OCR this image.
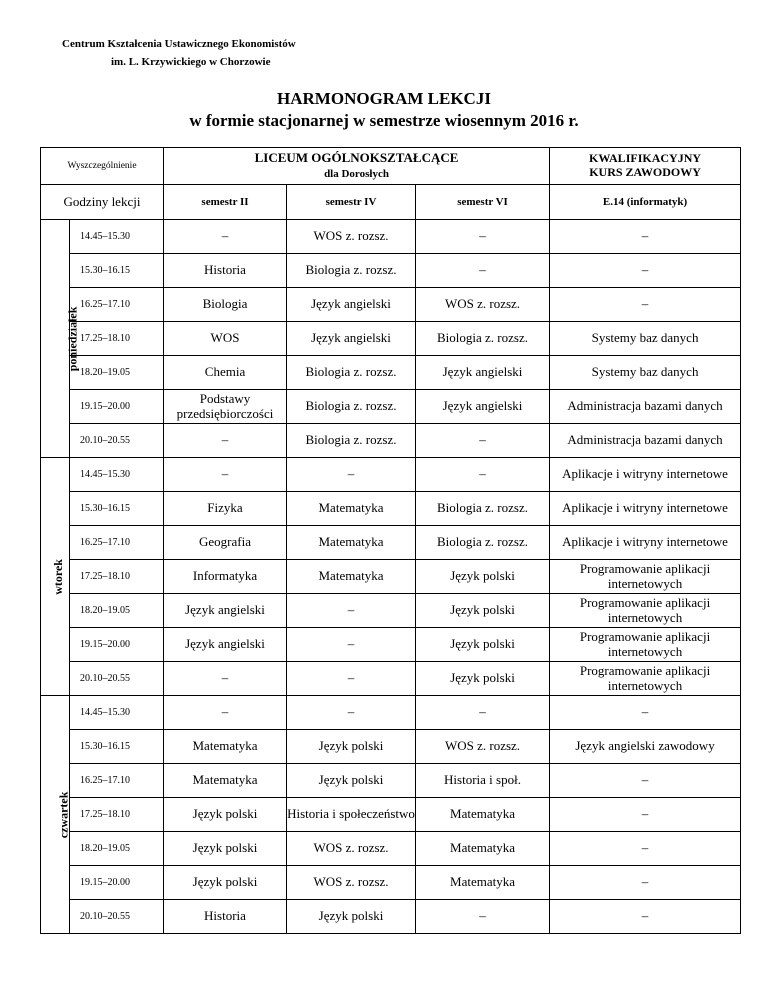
Centrum Kształcenia Ustawicznego Ekonomistów
im. L. Krzywickiego w Chorzowie
HARMONOGRAM LEKCJI
w formie stacjonarnej w semestrze wiosennym 2016 r.
Wyszczególnienie		LICEUM OGÓLNOKSZTAŁCĄCE
dla Dorosłych			KWALIFIKACYJNY
KURS ZAWODOWY
Godziny lekcji		semestr II	semestr IV	semestr VI	E.14 (informatyk)
poniedziałek	14.45–15.30	–	WOS z. rozsz.	–	–
	15.30–16.15	Historia	Biologia z. rozsz.	–	–
	16.25–17.10	Biologia	Język angielski	WOS z. rozsz.	–
	17.25–18.10	WOS	Język angielski	Biologia z. rozsz.	Systemy baz danych
	18.20–19.05	Chemia	Biologia z. rozsz.	Język angielski	Systemy baz danych
	19.15–20.00	Podstawy przedsiębiorczości	Biologia z. rozsz.	Język angielski	Administracja bazami danych
	20.10–20.55	–	Biologia z. rozsz.	–	Administracja bazami danych
wtorek	14.45–15.30	–	–	–	Aplikacje i witryny internetowe
	15.30–16.15	Fizyka	Matematyka	Biologia z. rozsz.	Aplikacje i witryny internetowe
	16.25–17.10	Geografia	Matematyka	Biologia z. rozsz.	Aplikacje i witryny internetowe
	17.25–18.10	Informatyka	Matematyka	Język polski	Programowanie aplikacji internetowych
	18.20–19.05	Język angielski	–	Język polski	Programowanie aplikacji internetowych
	19.15–20.00	Język angielski	–	Język polski	Programowanie aplikacji internetowych
	20.10–20.55	–	–	Język polski	Programowanie aplikacji internetowych
czwartek	14.45–15.30	–	–	–	–
	15.30–16.15	Matematyka	Język polski	WOS z. rozsz.	Język angielski zawodowy
	16.25–17.10	Matematyka	Język polski	Historia i społ.	–
	17.25–18.10	Język polski	Historia i społeczeństwo	Matematyka	–
	18.20–19.05	Język polski	WOS z. rozsz.	Matematyka	–
	19.15–20.00	Język polski	WOS z. rozsz.	Matematyka	–
	20.10–20.55	Historia	Język polski	–	–
